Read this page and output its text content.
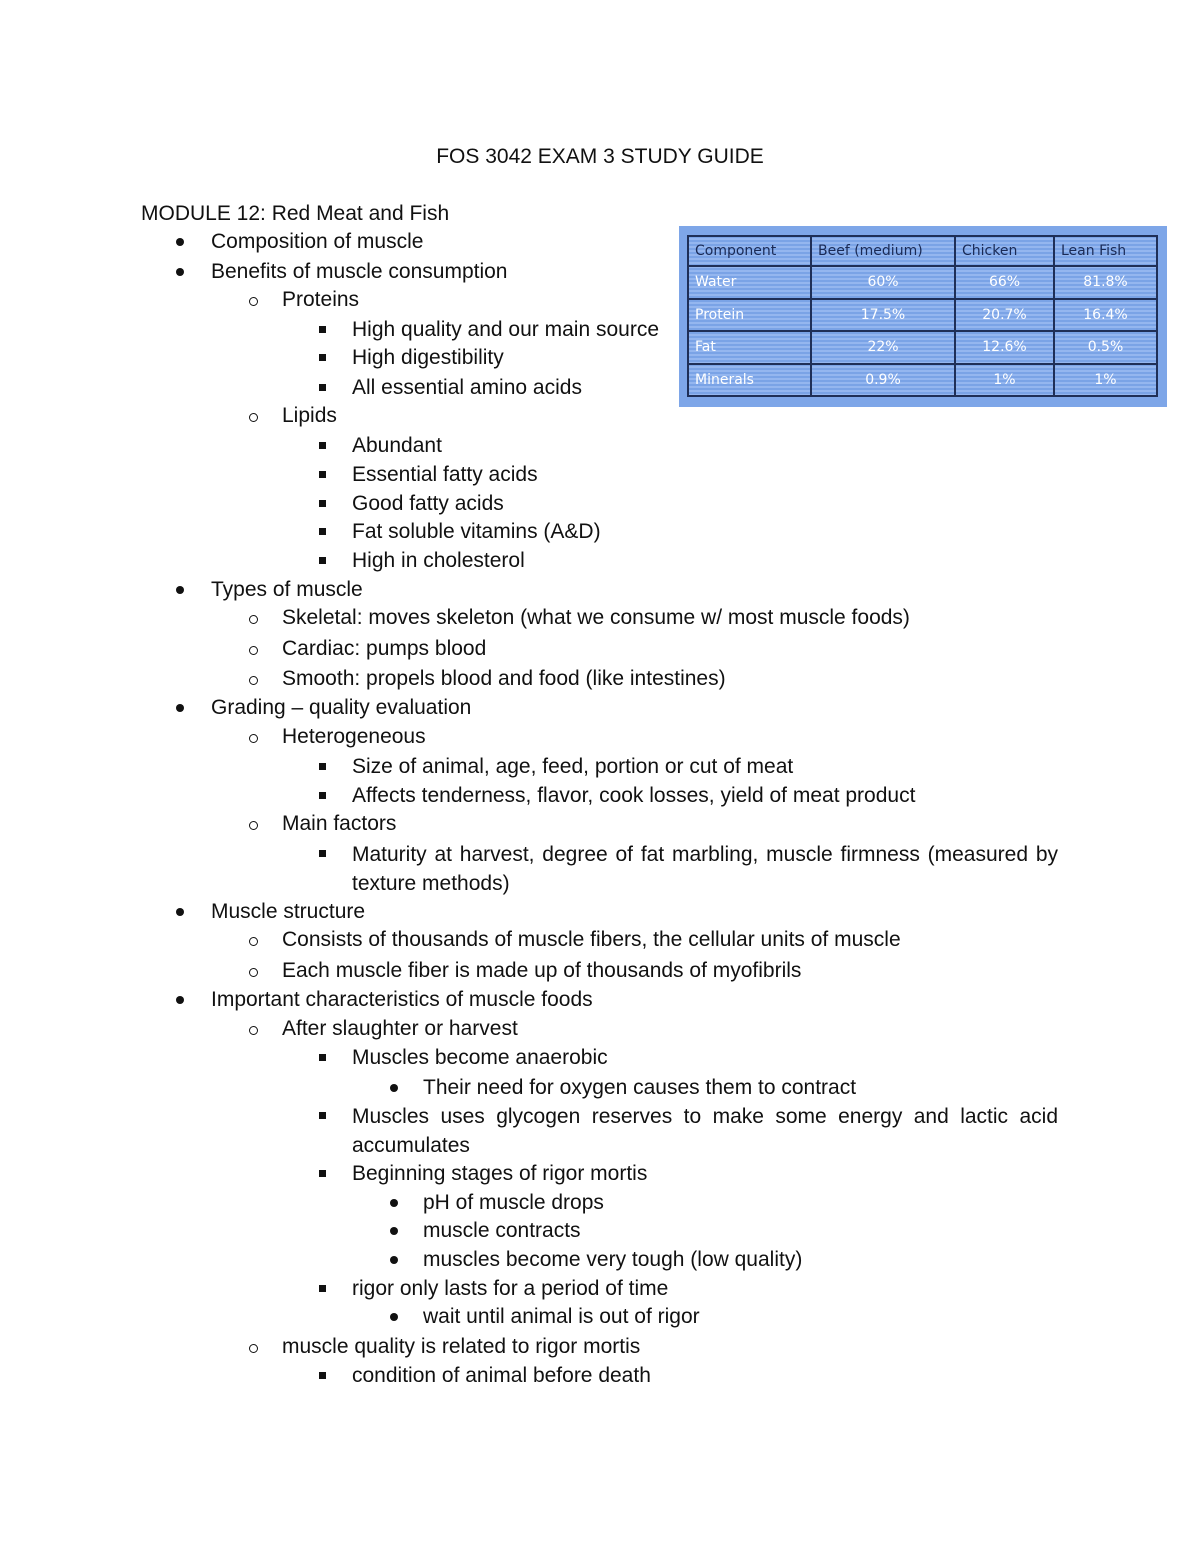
FOS 3042 EXAM 3 STUDY GUIDE
MODULE 12: Red Meat and Fish
Component	Beef (medium)	Chicken	Lean Fish
Water	60%	66%	81.8%
Protein	17.5%	20.7%	16.4%
Fat	22%	12.6%	0.5%
Minerals	0.9%	1%	1%
Composition of muscle
Benefits of muscle consumption
Proteins
High quality and our main source
High digestibility
All essential amino acids
Lipids
Abundant
Essential fatty acids
Good fatty acids
Fat soluble vitamins (A&D)
High in cholesterol
Types of muscle
Skeletal: moves skeleton (what we consume w/ most muscle foods)
Cardiac: pumps blood
Smooth: propels blood and food (like intestines)
Grading – quality evaluation
Heterogeneous
Size of animal, age, feed, portion or cut of meat
Affects tenderness, flavor, cook losses, yield of meat product
Main factors
Maturity at harvest, degree of fat marbling, muscle firmness (measured by texture methods)
Muscle structure
Consists of thousands of muscle fibers, the cellular units of muscle
Each muscle fiber is made up of thousands of myofibrils
Important characteristics of muscle foods
After slaughter or harvest
Muscles become anaerobic
Their need for oxygen causes them to contract
Muscles uses glycogen reserves to make some energy and lactic acid accumulates
Beginning stages of rigor mortis
pH of muscle drops
muscle contracts
muscles become very tough (low quality)
rigor only lasts for a period of time
wait until animal is out of rigor
muscle quality is related to rigor mortis
condition of animal before death
